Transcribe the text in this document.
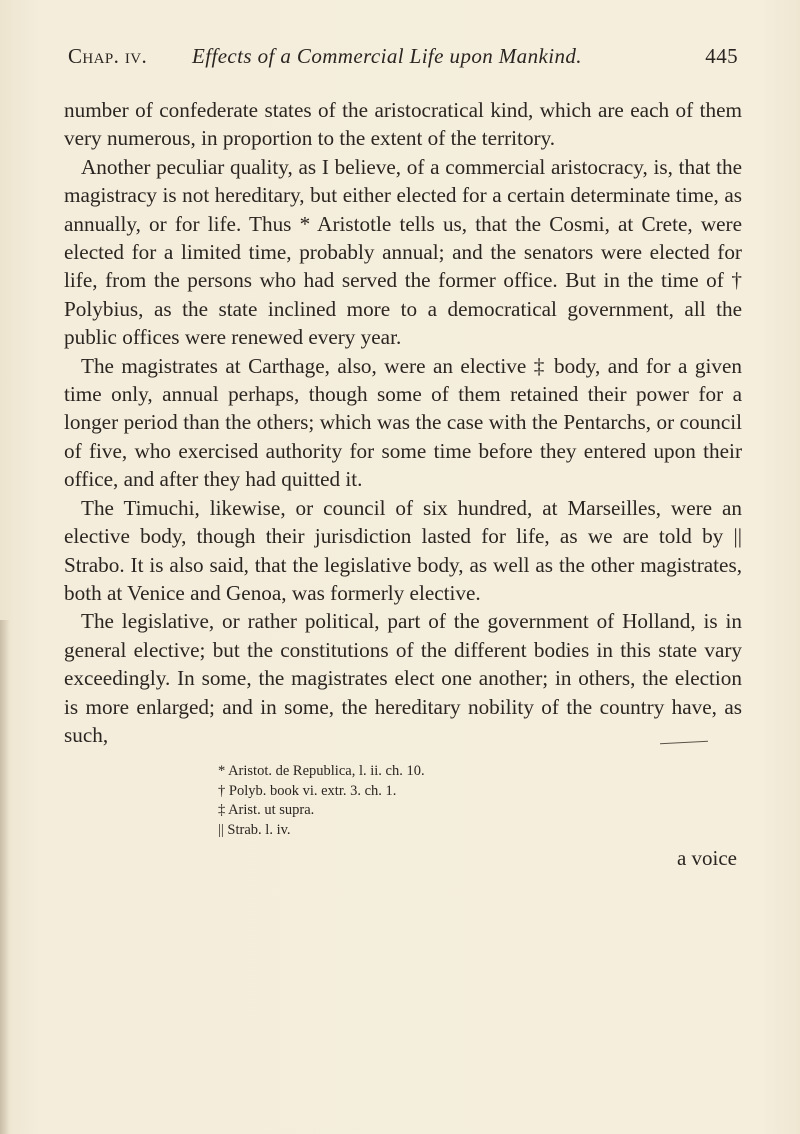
Chap. iv. Effects of a Commercial Life upon Mankind.	445

number of confederate states of the aristocratical kind, which are each of them very numerous, in proportion to the extent of the territory.

Another peculiar quality, as I believe, of a commercial aristocracy, is, that the magistracy is not hereditary, but either elected for a certain determinate time, as annually, or for life. Thus * Aristotle tells us, that the Cosmi, at Crete, were elected for a limited time, probably annual; and the senators were elected for life, from the persons who had served the former office. But in the time of † Polybius, as the state inclined more to a democratical government, all the public offices were renewed every year.

The magistrates at Carthage, also, were an elective ‡ body, and for a given time only, annual perhaps, though some of them retained their power for a longer period than the others; which was the case with the Pentarchs, or council of five, who exercised authority for some time before they entered upon their office, and after they had quitted it.

The Timuchi, likewise, or council of six hundred, at Marseilles, were an elective body, though their jurisdiction lasted for life, as we are told by || Strabo. It is also said, that the legislative body, as well as the other magistrates, both at Venice and Genoa, was formerly elective.

The legislative, or rather political, part of the government of Holland, is in general elective; but the constitutions of the different bodies in this state vary exceedingly. In some, the magistrates elect one another; in others, the election is more enlarged; and in some, the hereditary nobility of the country have, as such,

* Aristot. de Republica, l. ii. ch. 10.
† Polyb. book vi. extr. 3. ch. 1.
‡ Arist. ut supra.
|| Strab. l. iv.
a voice
